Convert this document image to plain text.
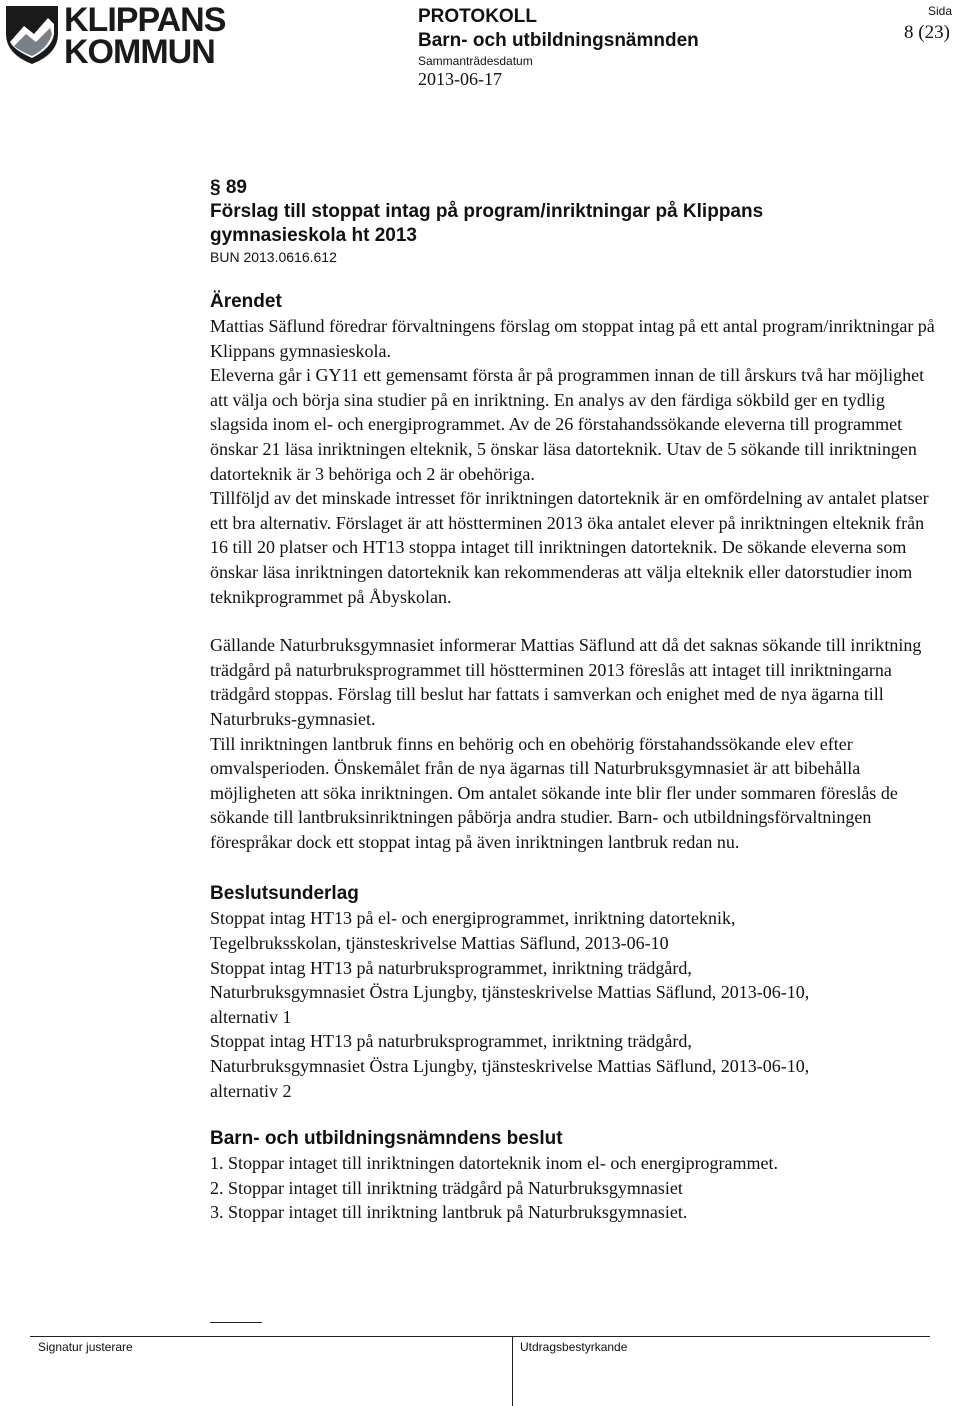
KLIPPANS
KOMMUN
PROTOKOLL
Barn- och utbildningsnämnden
Sammanträdesdatum
2013-06-17
Sida
8 (23)
§ 89
Förslag till stoppat intag på program/inriktningar på Klippans
gymnasieskola ht 2013
BUN 2013.0616.612
Ärendet

Mattias Säflund föredrar förvaltningens förslag om stoppat intag på ett antal program/inriktningar på Klippans gymnasieskola.

Eleverna går i GY11 ett gemensamt första år på programmen innan de till årskurs två har möjlighet att välja och börja sina studier på en inriktning. En analys av den färdiga sökbild ger en tydlig slagsida inom el- och energiprogrammet. Av de 26 förstahandssökande eleverna till programmet önskar 21 läsa inriktningen elteknik, 5 önskar läsa datorteknik. Utav de 5 sökande till inriktningen datorteknik är 3 behöriga och 2 är obehöriga.

Tillföljd av det minskade intresset för inriktningen datorteknik är en omfördelning av antalet platser ett bra alternativ. Förslaget är att höstterminen 2013 öka antalet elever på inriktningen elteknik från 16 till 20 platser och HT13 stoppa intaget till inriktningen datorteknik. De sökande eleverna som önskar läsa inriktningen datorteknik kan rekommenderas att välja elteknik eller datorstudier inom teknikprogrammet på Åbyskolan.

Gällande Naturbruksgymnasiet informerar Mattias Säflund att då det saknas sökande till inriktning trädgård på naturbruksprogrammet till höstterminen 2013 föreslås att intaget till inriktningarna trädgård stoppas. Förslag till beslut har fattats i samverkan och enighet med de nya ägarna till Naturbruks-gymnasiet.

Till inriktningen lantbruk finns en behörig och en obehörig förstahandssökande elev efter omvalsperioden. Önskemålet från de nya ägarnas till Naturbruksgymnasiet är att bibehålla möjligheten att söka inriktningen. Om antalet sökande inte blir fler under sommaren föreslås de sökande till lantbruksinriktningen påbörja andra studier. Barn- och utbildningsförvaltningen förespråkar dock ett stoppat intag på även inriktningen lantbruk redan nu.

Beslutsunderlag
Stoppat intag HT13 på el- och energiprogrammet, inriktning datorteknik,
Tegelbruksskolan, tjänsteskrivelse Mattias Säflund, 2013-06-10
Stoppat intag HT13 på naturbruksprogrammet, inriktning trädgård,
Naturbruksgymnasiet Östra Ljungby, tjänsteskrivelse Mattias Säflund, 2013-06-10,
alternativ 1
Stoppat intag HT13 på naturbruksprogrammet, inriktning trädgård,
Naturbruksgymnasiet Östra Ljungby, tjänsteskrivelse Mattias Säflund, 2013-06-10,
alternativ 2
Barn- och utbildningsnämndens beslut
1. Stoppar intaget till inriktningen datorteknik inom el- och energiprogrammet.
2. Stoppar intaget till inriktning trädgård på Naturbruksgymnasiet
3. Stoppar intaget till inriktning lantbruk på Naturbruksgymnasiet.
Signatur justerare	Utdragsbestyrkande
